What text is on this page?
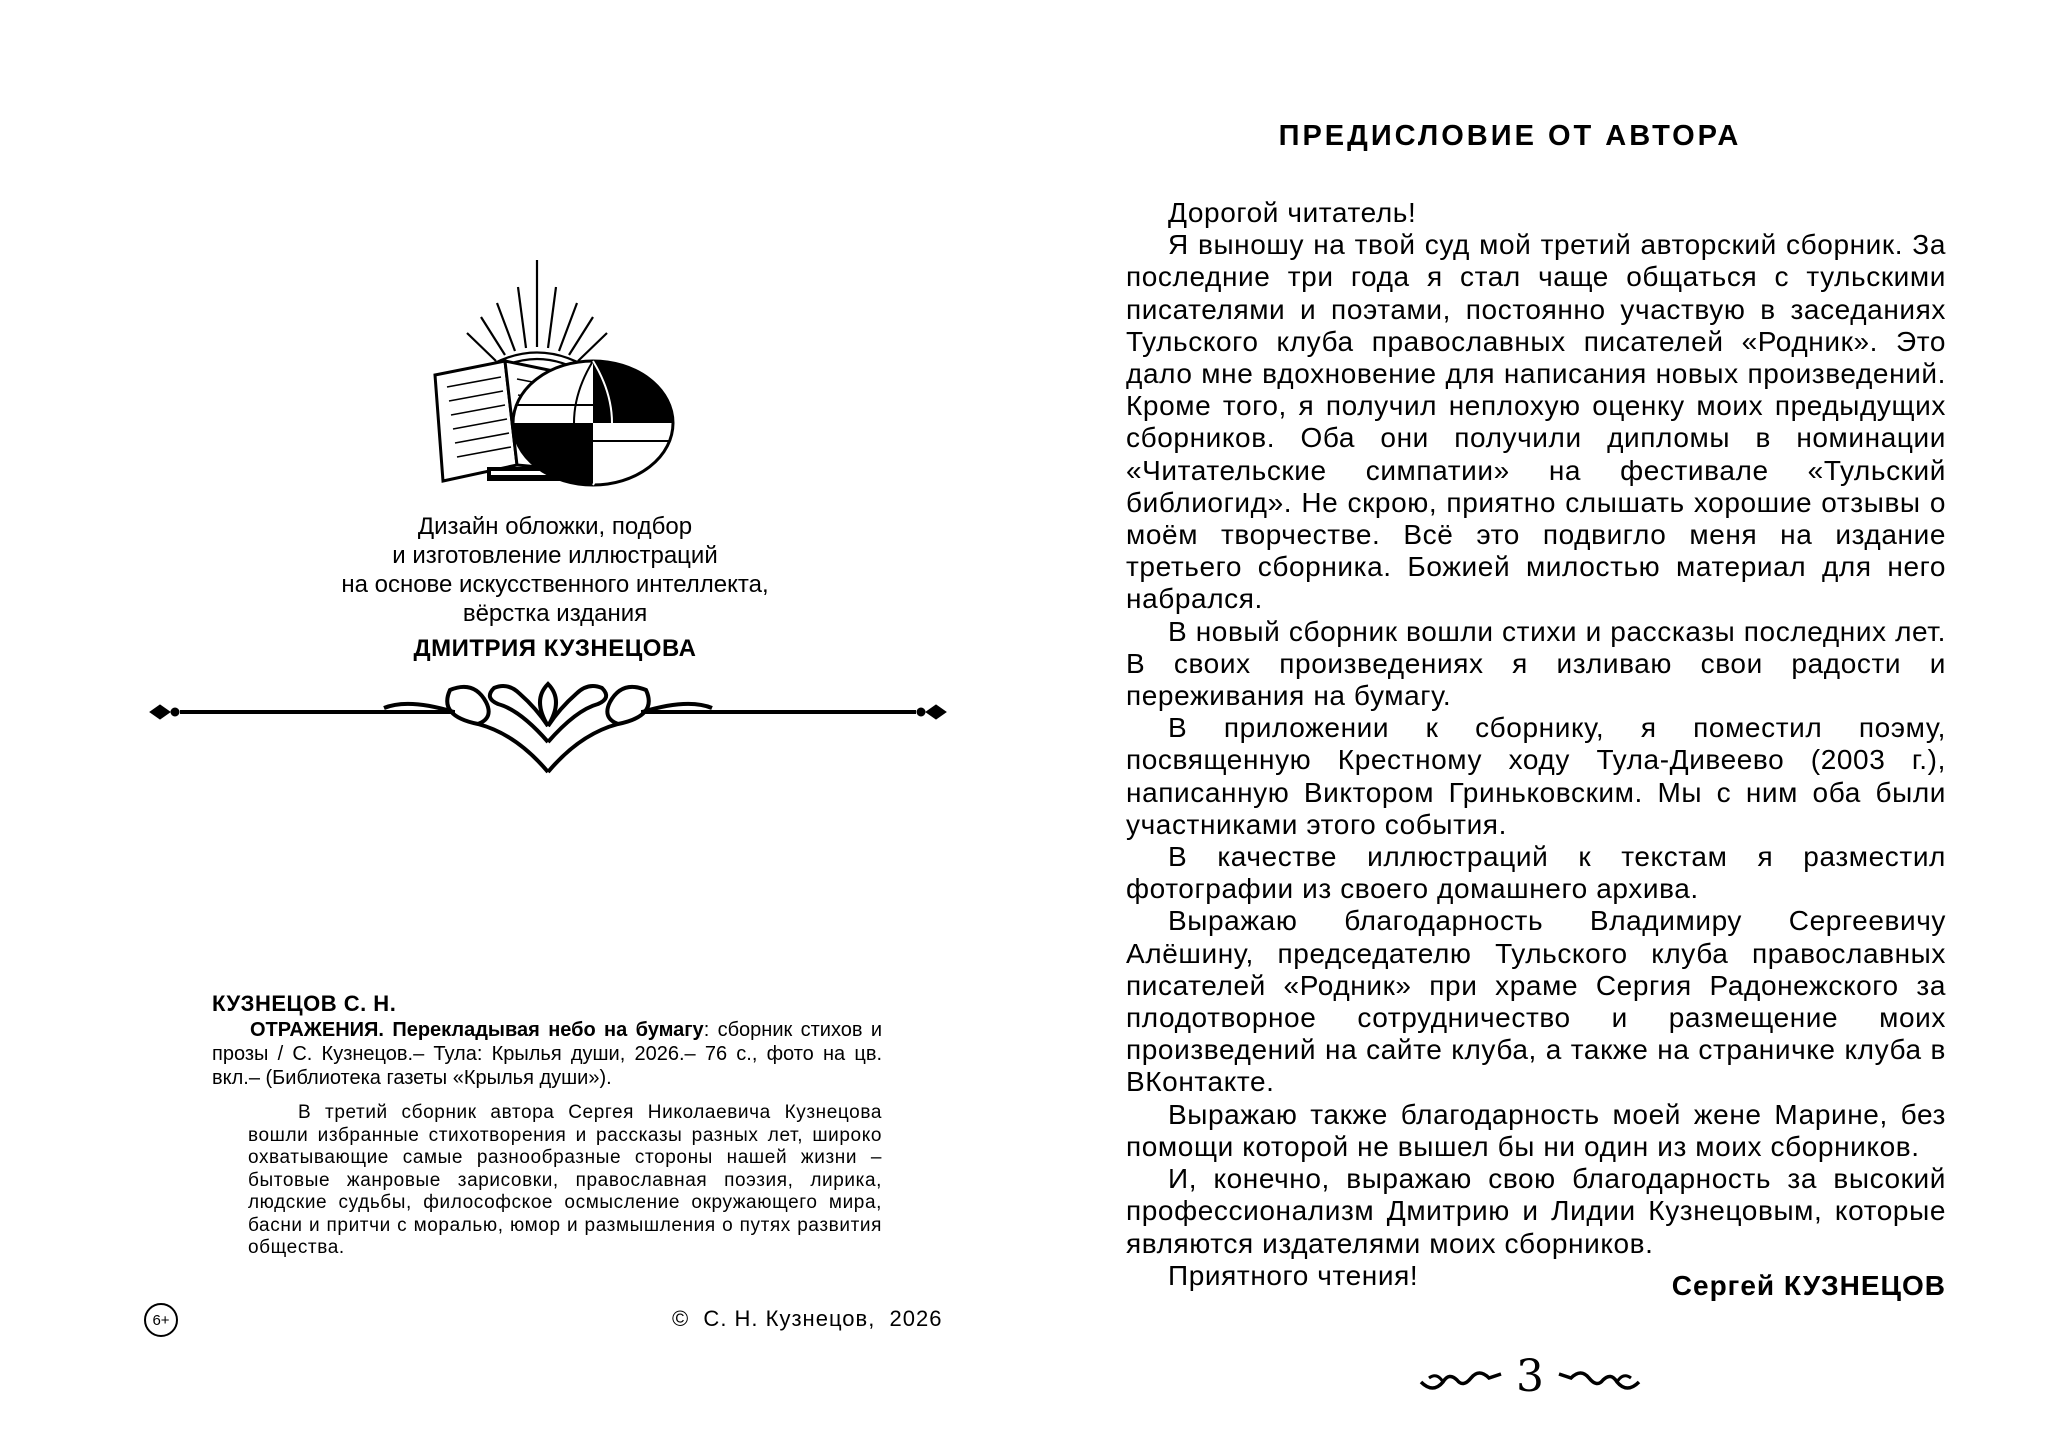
Дизайн обложки, подбор
и изготовление иллюстраций
на основе искусственного интеллекта,
вёрстка издания
ДМИТРИЯ КУЗНЕЦОВА
КУЗНЕЦОВ С. Н.
ОТРАЖЕНИЯ. Перекладывая небо на бумагу: сборник стихов и прозы / С. Кузнецов.– Тула: Крылья души, 2026.– 76 с., фото на цв. вкл.– (Библиотека газеты «Крылья души»).
В третий сборник автора Сергея Николаевича Кузнецова вошли избранные стихотворения и рассказы разных лет, широко охватывающие самые разнообразные стороны нашей жизни – бытовые жанровые зарисовки, православная поэзия, лирика, людские судьбы, философское осмысление окружающего мира, басни и притчи с моралью, юмор и размышления о путях развития общества.
6+	©  С. Н. Кузнецов,  2026
ПРЕДИСЛОВИЕ ОТ АВТОРА

Дорогой читатель!

Я выношу на твой суд мой третий авторский сборник. За последние три года я стал чаще общаться с тульскими писателями и поэтами, постоянно участвую в заседаниях Тульского клуба православных писателей «Родник». Это дало мне вдохновение для написания новых произведений. Кроме того, я получил неплохую оценку моих предыдущих сборников. Оба они получили дипломы в номинации «Читательские симпатии» на фестивале «Тульский библиогид». Не скрою, приятно слышать хорошие отзывы о моём творчестве. Всё это подвигло меня на издание третьего сборника. Божией милостью материал для него набрался.

В новый сборник вошли стихи и рассказы последних лет. В своих произведениях я изливаю свои радости и переживания на бумагу.

В приложении к сборнику, я поместил поэму, посвященную Крестному ходу Тула-Дивеево (2003 г.), написанную Виктором Гриньковским. Мы с ним оба были участниками этого события.

В качестве иллюстраций к текстам я разместил фотографии из своего домашнего архива.

Выражаю благодарность Владимиру Сергеевичу Алёшину, председателю Тульского клуба православных писателей «Родник» при храме Сергия Радонежского за плодотворное сотрудничество и размещение моих произведений на сайте клуба, а также на страничке клуба в ВКонтакте.

Выражаю также благодарность моей жене Марине, без помощи которой не вышел бы ни один из моих сборников.

И, конечно, выражаю свою благодарность за высокий профессионализм Дмитрию и Лидии Кузнецовым, которые являются издателями моих сборников.

Приятного чтения!	Сергей КУЗНЕЦОВ
3
